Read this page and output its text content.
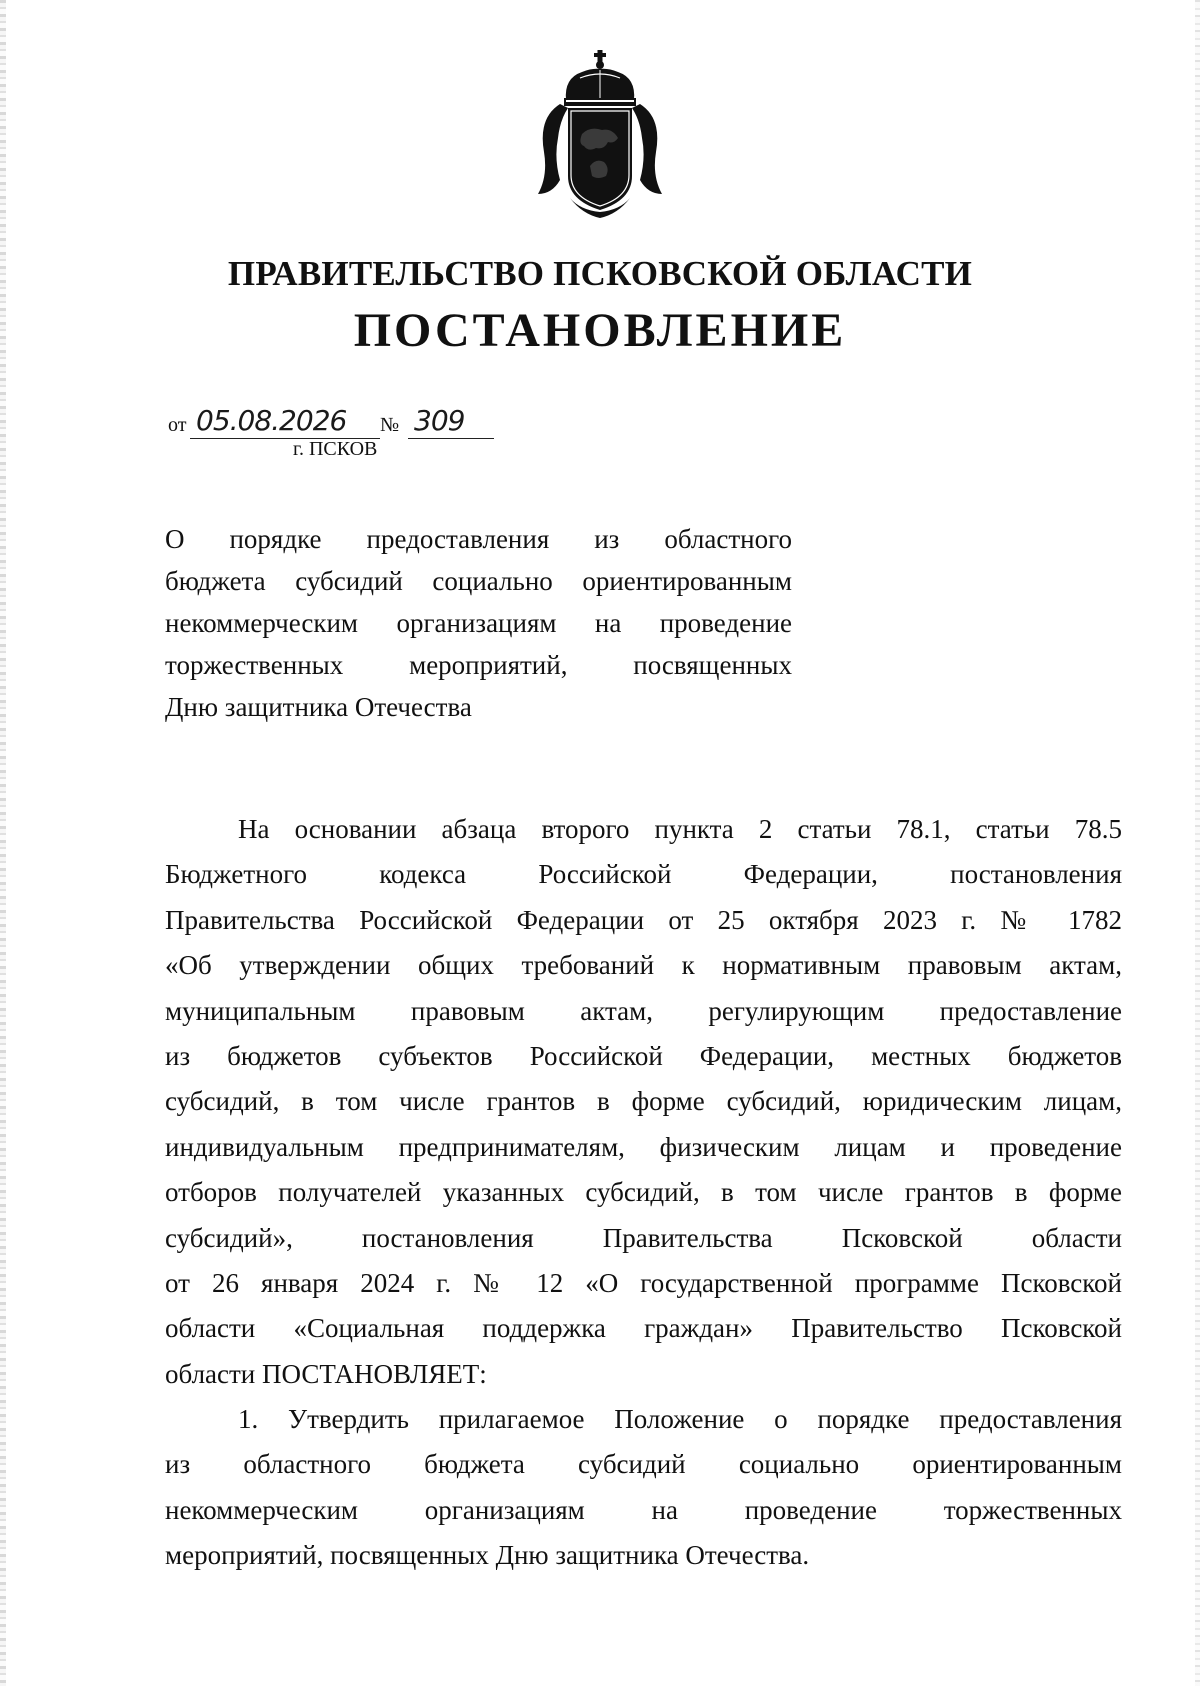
ПРАВИТЕЛЬСТВО ПСКОВСКОЙ ОБЛАСТИ
ПОСТАНОВЛЕНИЕ
от 05.08.2026 № 309
г. ПСКОВ
О порядке предоставления из областного
бюджета субсидий социально ориентированным
некоммерческим организациям на проведение
торжественных мероприятий, посвященных
Дню защитника Отечества
На основании абзаца второго пункта 2 статьи 78.1, статьи 78.5
Бюджетного кодекса Российской Федерации, постановления
Правительства Российской Федерации от 25 октября 2023 г. № 1782
«Об утверждении общих требований к нормативным правовым актам,
муниципальным правовым актам, регулирующим предоставление
из бюджетов субъектов Российской Федерации, местных бюджетов
субсидий, в том числе грантов в форме субсидий, юридическим лицам,
индивидуальным предпринимателям, физическим лицам и проведение
отборов получателей указанных субсидий, в том числе грантов в форме
субсидий», постановления Правительства Псковской области
от 26 января 2024 г. № 12 «О государственной программе Псковской
области «Социальная поддержка граждан» Правительство Псковской
области ПОСТАНОВЛЯЕТ:
1. Утвердить прилагаемое Положение о порядке предоставления
из областного бюджета субсидий социально ориентированным
некоммерческим организациям на проведение торжественных
мероприятий, посвященных Дню защитника Отечества.
